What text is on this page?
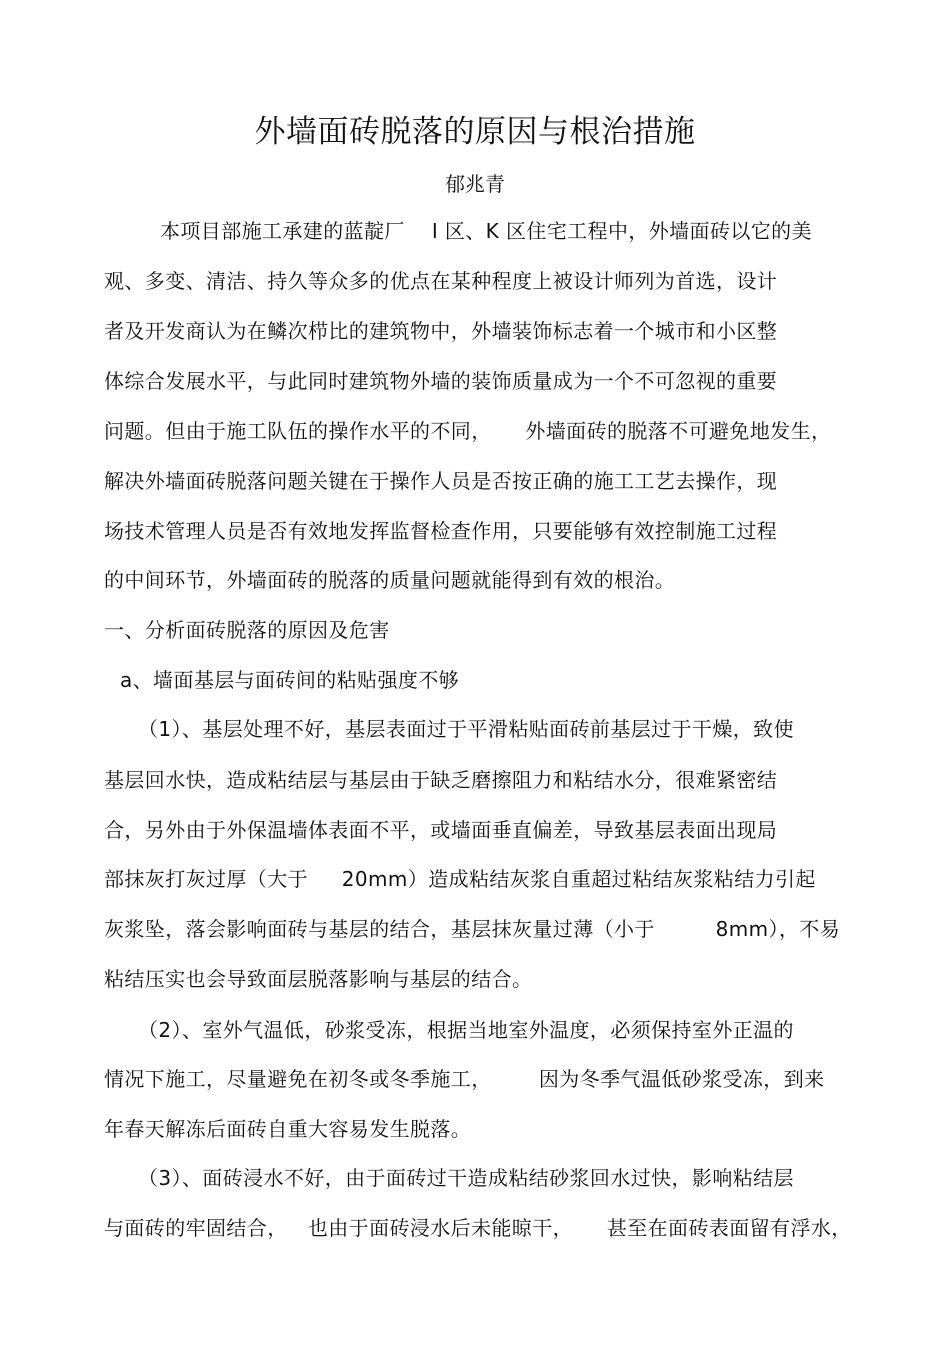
外墙面砖脱落的原因与根治措施
郁兆青
本项目部施工承建的蓝靛厂    I 区、K 区住宅工程中，外墙面砖以它的美
观、多变、清洁、持久等众多的优点在某种程度上被设计师列为首选，设计
者及开发商认为在鳞次栉比的建筑物中，外墙装饰标志着一个城市和小区整
体综合发展水平，与此同时建筑物外墙的装饰质量成为一个不可忽视的重要
问题。但由于施工队伍的操作水平的不同，     外墙面砖的脱落不可避免地发生，
解决外墙面砖脱落问题关键在于操作人员是否按正确的施工工艺去操作，现
场技术管理人员是否有效地发挥监督检查作用，只要能够有效控制施工过程
的中间环节，外墙面砖的脱落的质量问题就能得到有效的根治。
一、分析面砖脱落的原因及危害
a、墙面基层与面砖间的粘贴强度不够
（1）、基层处理不好，基层表面过于平滑粘贴面砖前基层过于干燥，致使
基层回水快，造成粘结层与基层由于缺乏磨擦阻力和粘结水分，很难紧密结
合，另外由于外保温墙体表面不平，或墙面垂直偏差，导致基层表面出现局
部抹灰打灰过厚（大于     20mm）造成粘结灰浆自重超过粘结灰浆粘结力引起
灰浆坠，落会影响面砖与基层的结合，基层抹灰量过薄（小于         8mm），不易
粘结压实也会导致面层脱落影响与基层的结合。
（2）、室外气温低，砂浆受冻，根据当地室外温度，必须保持室外正温的
情况下施工，尽量避免在初冬或冬季施工，       因为冬季气温低砂浆受冻，到来
年春天解冻后面砖自重大容易发生脱落。
（3）、面砖浸水不好，由于面砖过干造成粘结砂浆回水过快，影响粘结层
与面砖的牢固结合，   也由于面砖浸水后未能晾干，     甚至在面砖表面留有浮水，
